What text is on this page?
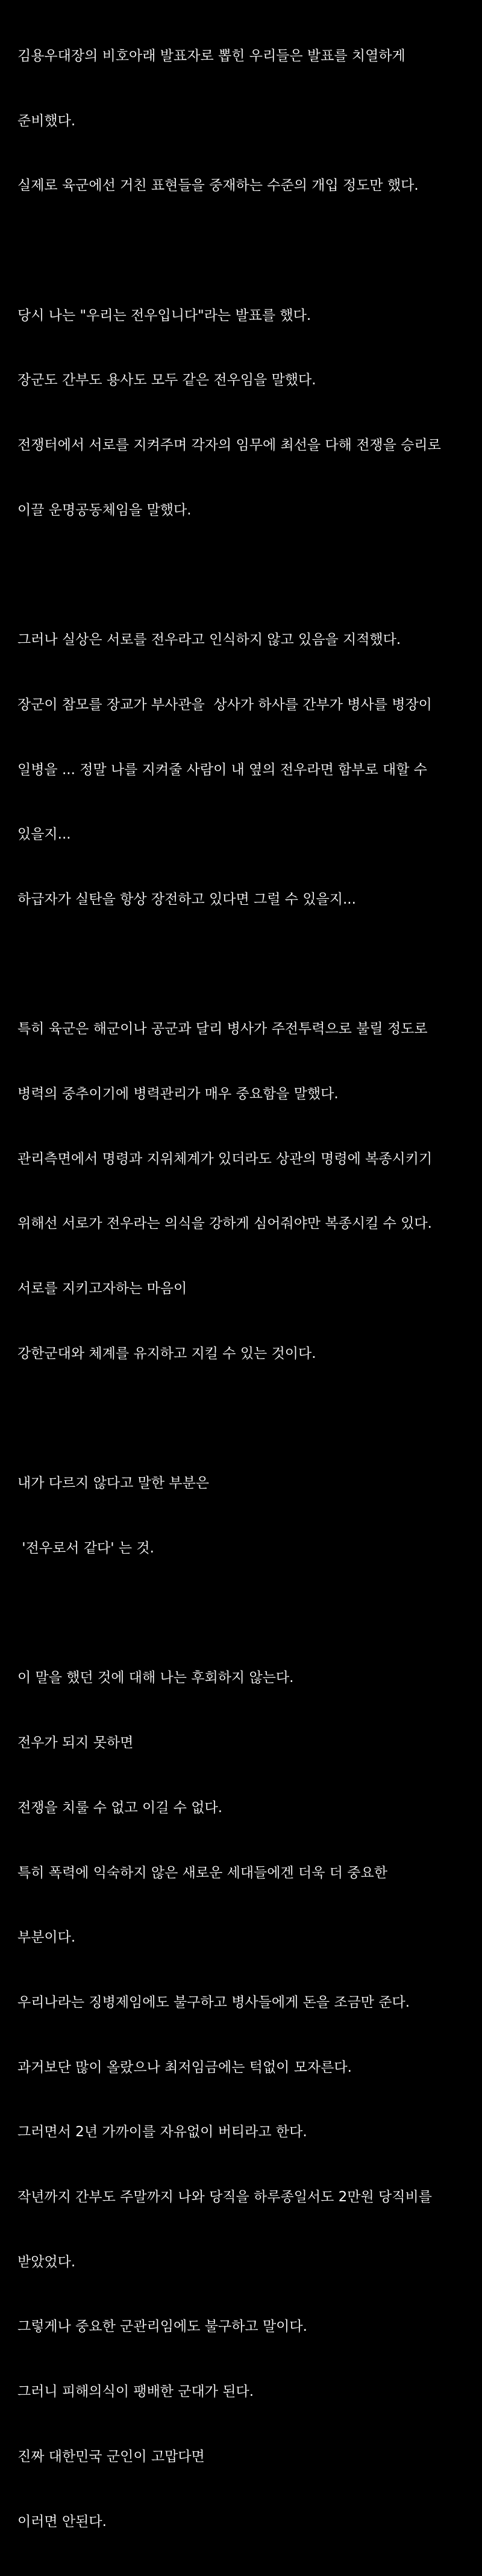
김용우대장의 비호아래 발표자로 뽑힌 우리들은 발표를 치열하게

준비했다.

실제로 육군에선 거친 표현들을 중재하는 수준의 개입 정도만 했다.

당시 나는 "우리는 전우입니다"라는 발표를 했다.

장군도 간부도 용사도 모두 같은 전우임을 말했다.

전쟁터에서 서로를 지켜주며 각자의 임무에 최선을 다해 전쟁을 승리로

이끌 운명공동체임을 말했다.

그러나 실상은 서로를 전우라고 인식하지 않고 있음을 지적했다.

장군이 참모를 장교가 부사관을  상사가 하사를 간부가 병사를 병장이

일병을 ... 정말 나를 지켜줄 사람이 내 옆의 전우라면 함부로 대할 수

있을지...

하급자가 실탄을 항상 장전하고 있다면 그럴 수 있을지...

특히 육군은 해군이나 공군과 달리 병사가 주전투력으로 불릴 정도로

병력의 중추이기에 병력관리가 매우 중요함을 말했다.

관리측면에서 명령과 지위체계가 있더라도 상관의 명령에 복종시키기

위해선 서로가 전우라는 의식을 강하게 심어줘야만 복종시킬 수 있다.

서로를 지키고자하는 마음이

강한군대와 체계를 유지하고 지킬 수 있는 것이다.

내가 다르지 않다고 말한 부분은

'전우로서 같다' 는 것.

이 말을 했던 것에 대해 나는 후회하지 않는다.

전우가 되지 못하면

전쟁을 치룰 수 없고 이길 수 없다.

특히 폭력에 익숙하지 않은 새로운 세대들에겐 더욱 더 중요한

부분이다.

우리나라는 징병제임에도 불구하고 병사들에게 돈을 조금만 준다.

과거보단 많이 올랐으나 최저임금에는 턱없이 모자른다.

그러면서 2년 가까이를 자유없이 버티라고 한다.

작년까지 간부도 주말까지 나와 당직을 하루종일서도 2만원 당직비를

받았었다.

그렇게나 중요한 군관리임에도 불구하고 말이다.

그러니 피해의식이 팽배한 군대가 된다.

진짜 대한민국 군인이 고맙다면

이러면 안된다.
